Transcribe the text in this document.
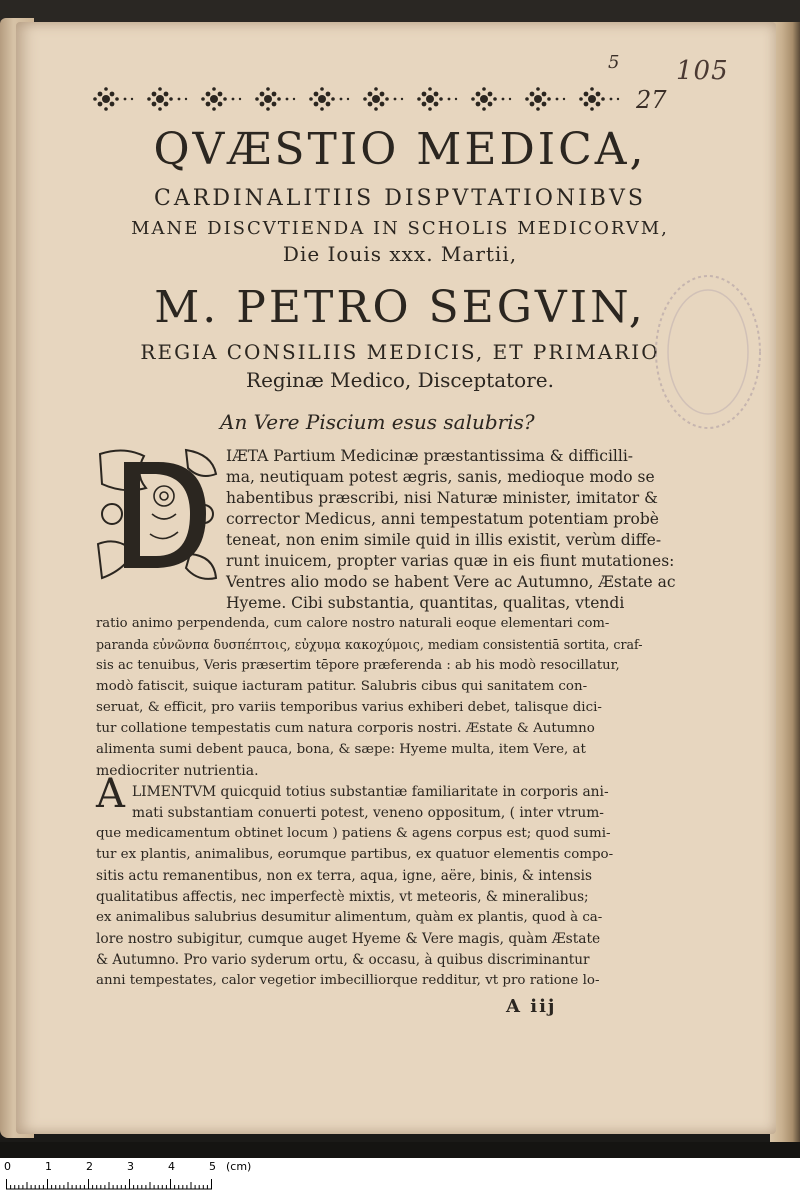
5 105

27

QVÆSTIO MEDICA,

CARDINALITIIS DISPVTATIONIBVS

MANE DISCVTIENDA IN SCHOLIS MEDICORVM,

Die Iouis xxx. Martii,

M. PETRO SEGVIN,

REGIA CONSILIIS MEDICIS, ET PRIMARIO

Reginæ Medico, Disceptatore.

An Vere Piscium esus salubris?

IÆTA Partium Medicinæ præstantissima & difficilli-

ma, neutiquam potest ægris, sanis, medioque modo se

habentibus præscribi, nisi Naturæ minister, imitator &

corrector Medicus, anni tempestatum potentiam probè

teneat, non enim simile quid in illis existit, verùm diffe-

runt inuicem, propter varias quæ in eis fiunt mutationes:

Ventres alio modo se habent Vere ac Autumno, Æstate ac

Hyeme. Cibi substantia, quantitas, qualitas, vtendi

ratio animo perpendenda, cum calore nostro naturali eoque elementari com-

paranda εὐνῶνπα δυσπέπτοις, εὐχυμα κακοχύμοις, mediam consistentiā sortita, craf-

sis ac tenuibus, Veris præsertim tēpore præferenda : ab his modò resocillatur,

modò fatiscit, suique iacturam patitur. Salubris cibus qui sanitatem con-

seruat, & efficit, pro variis temporibus varius exhiberi debet, talisque dici-

tur collatione tempestatis cum natura corporis nostri. Æstate & Autumno

alimenta sumi debent pauca, bona, & sæpe: Hyeme multa, item Vere, at

mediocriter nutrientia.

A LIMENTVM quicquid totius substantiæ familiaritate in corporis ani-

mati substantiam conuerti potest, veneno oppositum, ( inter vtrum-

que medicamentum obtinet locum ) patiens & agens corpus est; quod sumi-

tur ex plantis, animalibus, eorumque partibus, ex quatuor elementis compo-

sitis actu remanentibus, non ex terra, aqua, igne, aëre, binis, & intensis

qualitatibus affectis, nec imperfectè mixtis, vt meteoris, & mineralibus;

ex animalibus salubrius desumitur alimentum, quàm ex plantis, quod à ca-

lore nostro subigitur, cumque auget Hyeme & Vere magis, quàm Æstate

& Autumno. Pro vario syderum ortu, & occasu, à quibus discriminantur

anni tempestates, calor vegetior imbecilliorque redditur, vt pro ratione lo-

A iij

0	1	2	3	4	5 (cm)
